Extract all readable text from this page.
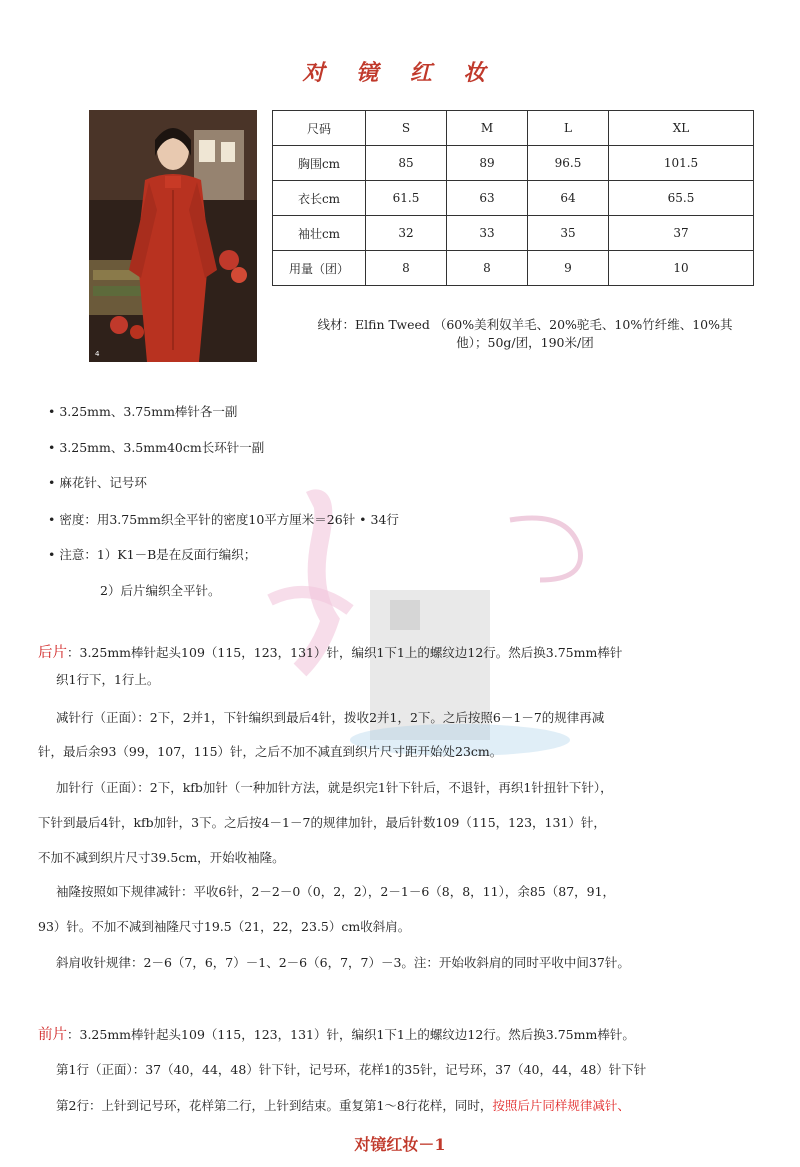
对 镜 红 妆
4
尺码	S	M	L	XL
胸围cm	85	89	96.5	101.5
衣长cm	61.5	63	64	65.5
袖壮cm	32	33	35	37
用量（团）	8	8	9	10
线材：Elfin Tweed （60%美利奴羊毛、20%驼毛、10%竹纤维、10%其
他）；50g/团，190米/团
• 3.25mm、3.75mm棒针各一副
• 3.25mm、3.5mm40cm长环针一副
• 麻花针、记号环
• 密度：用3.75mm织全平针的密度10平方厘米＝26针 • 34行
• 注意：1）K1－B是在反面行编织；
2）后片编织全平针。
后片：3.25mm棒针起头109（115，123，131）针，编织1下1上的螺纹边12行。然后换3.75mm棒针
织1行下，1行上。
减针行（正面）：2下，2并1，下针编织到最后4针，拨收2并1，2下。之后按照6－1－7的规律再减
针，最后余93（99，107，115）针，之后不加不减直到织片尺寸距开始处23cm。
加针行（正面）：2下，kfb加针（一种加针方法，就是织完1针下针后，不退针，再织1针扭针下针），
下针到最后4针，kfb加针，3下。之后按4－1－7的规律加针，最后针数109（115，123，131）针，
不加不减到织片尺寸39.5cm，开始收袖隆。
袖隆按照如下规律减针：平收6针，2－2－0（0，2，2），2－1－6（8，8，11），余85（87，91，
93）针。不加不减到袖隆尺寸19.5（21，22，23.5）cm收斜肩。
斜肩收针规律：2－6（7，6，7）－1、2－6（6，7，7）－3。注：开始收斜肩的同时平收中间37针。
前片：3.25mm棒针起头109（115，123，131）针，编织1下1上的螺纹边12行。然后换3.75mm棒针。
第1行（正面）：37（40，44，48）针下针，记号环，花样1的35针，记号环，37（40，44，48）针下针
第2行：上针到记号环，花样第二行，上针到结束。重复第1～8行花样，同时，按照后片同样规律减针、
对镜红妆－1
